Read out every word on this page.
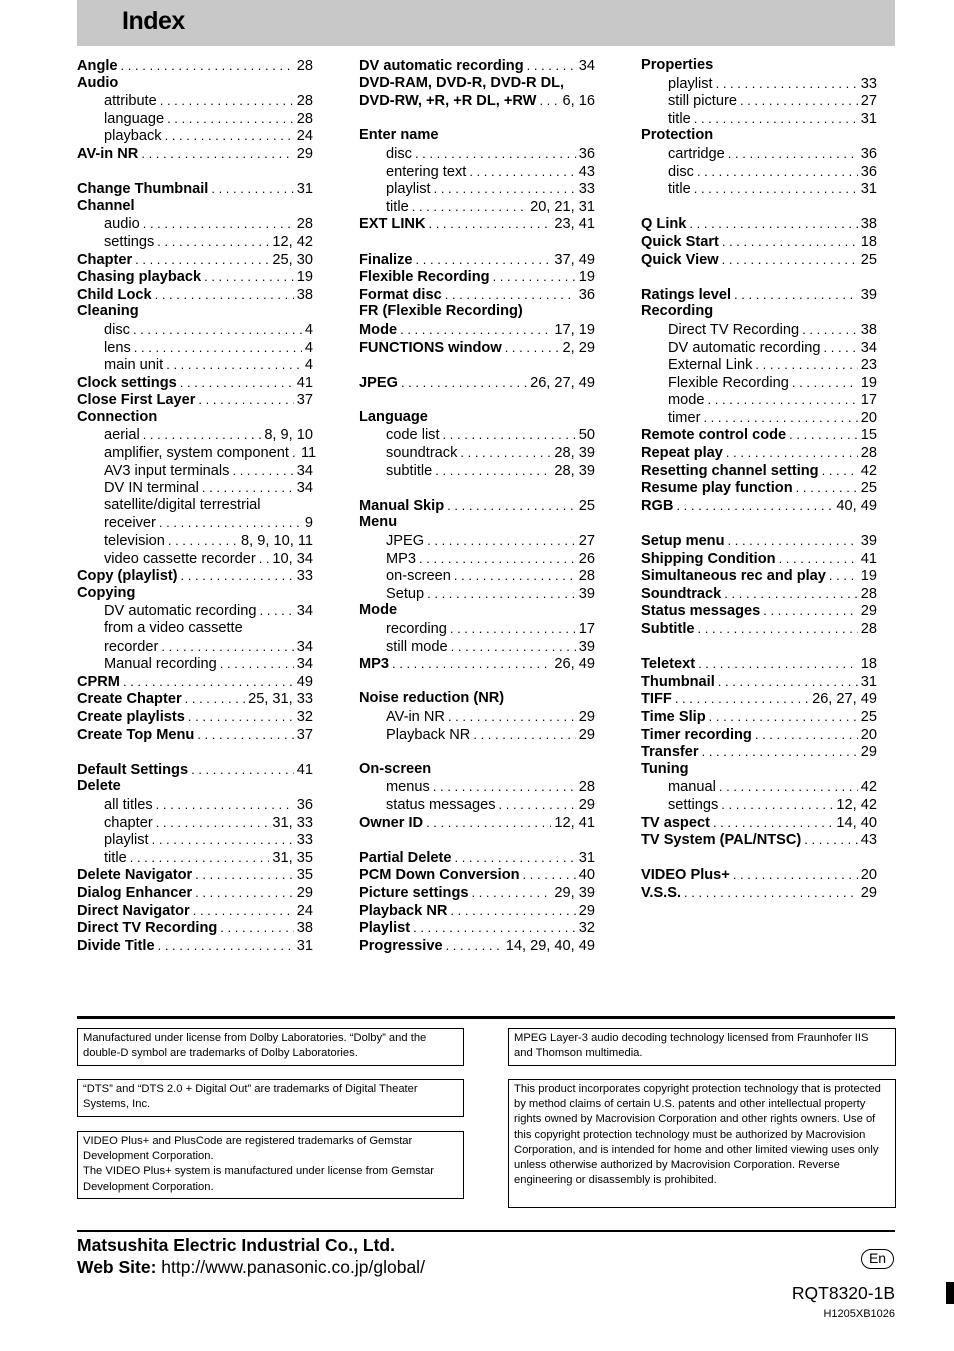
Index
Angle . . .	28
Audio
attribute . . .	28
language . . .	28
playback . . .	24
AV-in NR . . .	29
Change Thumbnail . . .	31
Channel
audio . . .	28
settings . . .	12, 42
Chapter . . .	25, 30
Chasing playback . . .	19
Child Lock . . .	38
Cleaning
disc . . .	4
lens . . .	4
main unit . . .	4
Clock settings . . .	41
Close First Layer . . .	37
Connection
aerial . . .	8, 9, 10
amplifier, system component . . . 11
AV3 input terminals . . .	34
DV IN terminal . . .	34
satellite/digital terrestrial
receiver . . .	9
television . . .	8, 9, 10, 11
video cassette recorder . . . 10, 34
Copy (playlist) . . .	33
Copying
DV automatic recording . . .	34
from a video cassette
recorder . . .	34
Manual recording . . .	34
CPRM . . .	49
Create Chapter . . .	25, 31, 33
Create playlists . . .	32
Create Top Menu . . .	37
Default Settings . . .	41
Delete
all titles . . .	36
chapter . . .	31, 33
playlist . . .	33
title . . .	31, 35
Delete Navigator . . .	35
Dialog Enhancer . . .	29
Direct Navigator . . .	24
Direct TV Recording . . .	38
Divide Title . . .	31
DV automatic recording . . .	34
DVD-RAM, DVD-R, DVD-R DL,
DVD-RW, +R, +R DL, +RW . . . 6, 16
Enter name
disc . . .	36
entering text . . .	43
playlist . . .	33
title . . .	20, 21, 31
EXT LINK . . .	23, 41
Finalize . . .	37, 49
Flexible Recording . . .	19
Format disc . . .	36
FR (Flexible Recording)
Mode . . .	17, 19
FUNCTIONS window . . .	2, 29
JPEG . . .	26, 27, 49
Language
code list . . .	50
soundtrack . . .	28, 39
subtitle . . .	28, 39
Manual Skip . . .	25
Menu
JPEG . . .	27
MP3 . . .	26
on-screen . . .	28
Setup . . .	39
Mode
recording . . .	17
still mode . . .	39
MP3 . . .	26, 49
Noise reduction (NR)
AV-in NR . . .	29
Playback NR . . .	29
On-screen
menus . . .	28
status messages . . .	29
Owner ID . . .	12, 41
Partial Delete . . .	31
PCM Down Conversion . . .	40
Picture settings . . .	29, 39
Playback NR . . .	29
Playlist . . .	32
Progressive . . .	14, 29, 40, 49
Properties
playlist . . .	33
still picture . . .	27
title . . .	31
Protection
cartridge . . .	36
disc . . .	36
title . . .	31
Q Link . . .	38
Quick Start . . .	18
Quick View . . .	25
Ratings level . . .	39
Recording
Direct TV Recording . . .	38
DV automatic recording . . .	34
External Link . . .	23
Flexible Recording . . .	19
mode . . .	17
timer . . .	20
Remote control code . . .	15
Repeat play . . .	28
Resetting channel setting . . .	42
Resume play function . . .	25
RGB . . .	40, 49
Setup menu . . .	39
Shipping Condition . . .	41
Simultaneous rec and play . . . 19
Soundtrack . . .	28
Status messages . . .	29
Subtitle . . .	28
Teletext . . .	18
Thumbnail . . .	31
TIFF . . .	26, 27, 49
Time Slip . . .	25
Timer recording . . .	20
Transfer . . .	29
Tuning
manual . . .	42
settings . . .	12, 42
TV aspect . . .	14, 40
TV System (PAL/NTSC) . . .	43
VIDEO Plus+ . . .	20
V.S.S. . . .	29
Manufactured under license from Dolby Laboratories. “Dolby” and the double-D symbol are trademarks of Dolby Laboratories.
“DTS” and “DTS 2.0 + Digital Out” are trademarks of Digital Theater Systems, Inc.
VIDEO Plus+ and PlusCode are registered trademarks of Gemstar Development Corporation.
The VIDEO Plus+ system is manufactured under license from Gemstar Development Corporation.
MPEG Layer-3 audio decoding technology licensed from Fraunhofer IIS and Thomson multimedia.
This product incorporates copyright protection technology that is protected by method claims of certain U.S. patents and other intellectual property rights owned by Macrovision Corporation and other rights owners. Use of this copyright protection technology must be authorized by Macrovision Corporation, and is intended for home and other limited viewing uses only unless otherwise authorized by Macrovision Corporation. Reverse engineering or disassembly is prohibited.
Matsushita Electric Industrial Co., Ltd.
Web Site: http://www.panasonic.co.jp/global/	En
RQT8320-1B
H1205XB1026
